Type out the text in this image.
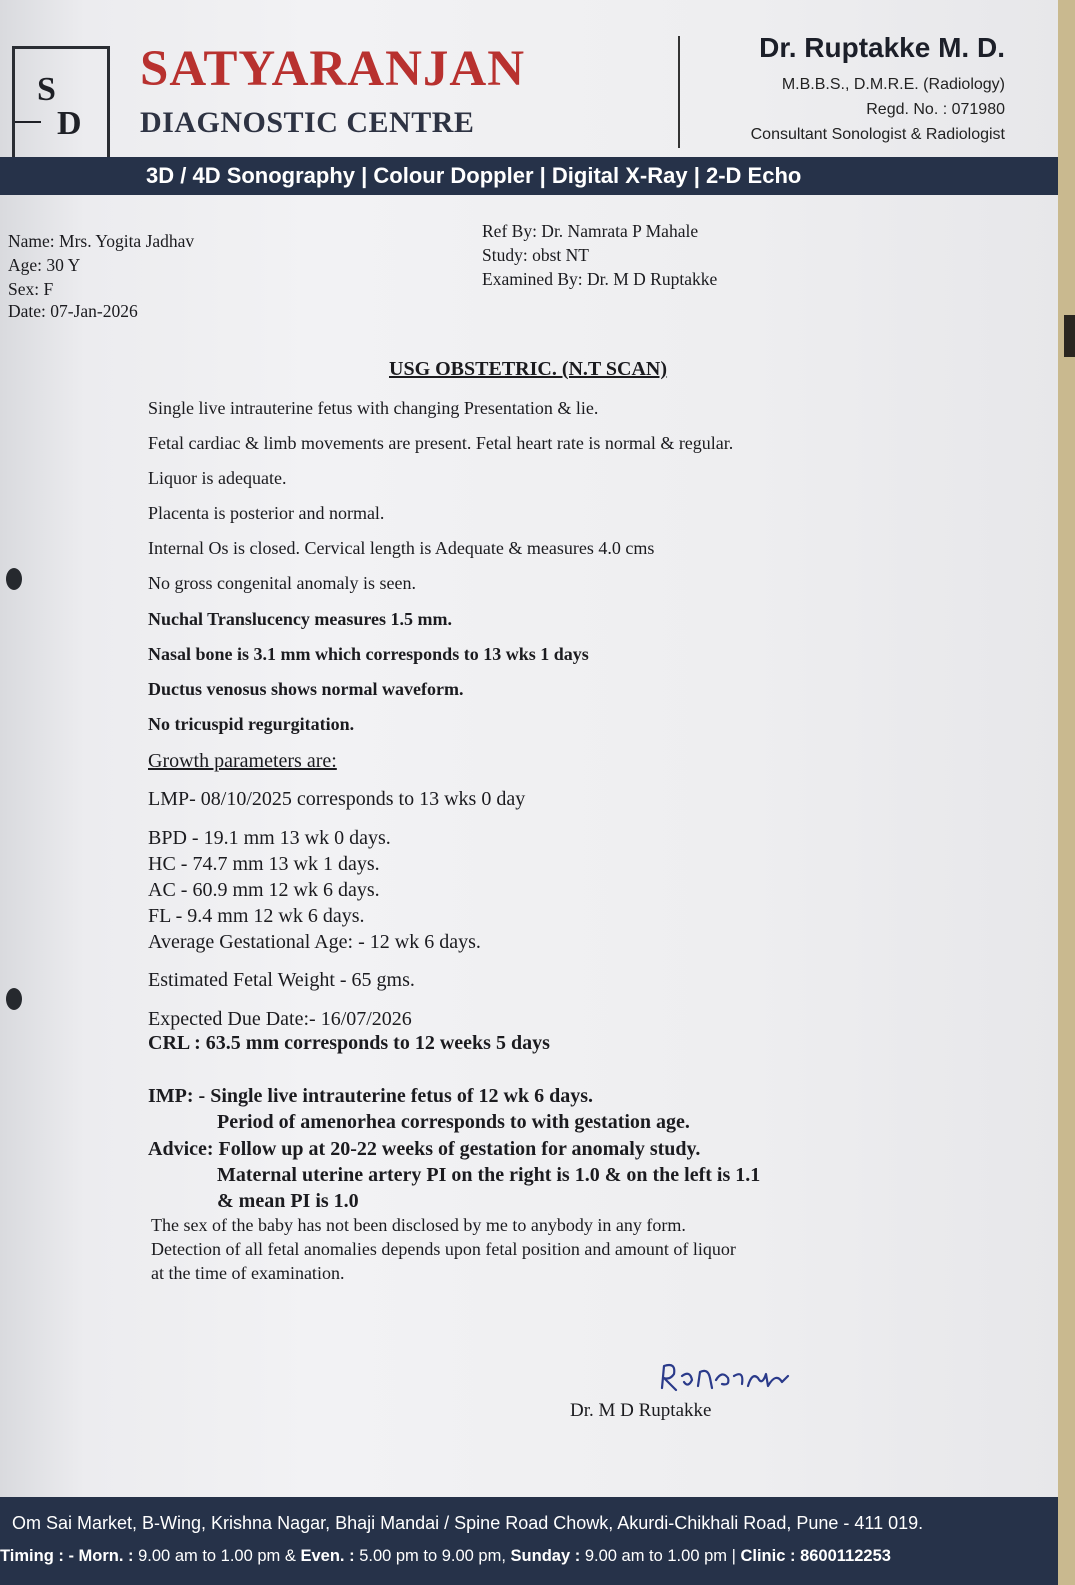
S
D
SATYARANJAN
DIAGNOSTIC CENTRE
Dr. Ruptakke M. D.
M.B.B.S., D.M.R.E. (Radiology)
Regd. No. : 071980
Consultant Sonologist & Radiologist
3D / 4D Sonography | Colour Doppler | Digital X-Ray | 2-D Echo
Name: Mrs. Yogita Jadhav
Age: 30 Y
Sex: F
Date: 07-Jan-2026
Ref By: Dr. Namrata P Mahale
Study: obst NT
Examined By: Dr. M D Ruptakke
USG OBSTETRIC. (N.T SCAN)
Single live intrauterine fetus with changing Presentation & lie.
Fetal cardiac & limb movements are present. Fetal heart rate is normal & regular.
Liquor is adequate.
Placenta is posterior and normal.
Internal Os is closed. Cervical length is Adequate & measures 4.0 cms
No gross congenital anomaly is seen.
Nuchal Translucency measures 1.5 mm.
Nasal bone is 3.1 mm which corresponds to 13 wks 1 days
Ductus venosus shows normal waveform.
No tricuspid regurgitation.
Growth parameters are:
LMP- 08/10/2025 corresponds to 13 wks 0 day
BPD - 19.1 mm 13 wk 0 days.
HC - 74.7 mm 13 wk 1 days.
AC - 60.9 mm 12 wk 6 days.
FL - 9.4 mm 12 wk 6 days.
Average Gestational Age: - 12 wk 6 days.
Estimated Fetal Weight - 65 gms.
Expected Due Date:- 16/07/2026
CRL : 63.5 mm corresponds to 12 weeks 5 days
IMP: - Single live intrauterine fetus of 12 wk 6 days.
Period of amenorhea corresponds to with gestation age.
Advice: Follow up at 20-22 weeks of gestation for anomaly study.
Maternal uterine artery PI on the right is 1.0 & on the left is 1.1
& mean PI is 1.0
The sex of the baby has not been disclosed by me to anybody in any form.
Detection of all fetal anomalies depends upon fetal position and amount of liquor
at the time of examination.
Dr. M D Ruptakke
Om Sai Market, B-Wing, Krishna Nagar, Bhaji Mandai / Spine Road Chowk, Akurdi-Chikhali Road, Pune - 411 019.
Timing : - Morn. : 9.00 am to 1.00 pm & Even. : 5.00 pm to 9.00 pm, Sunday : 9.00 am to 1.00 pm | Clinic : 8600112253
